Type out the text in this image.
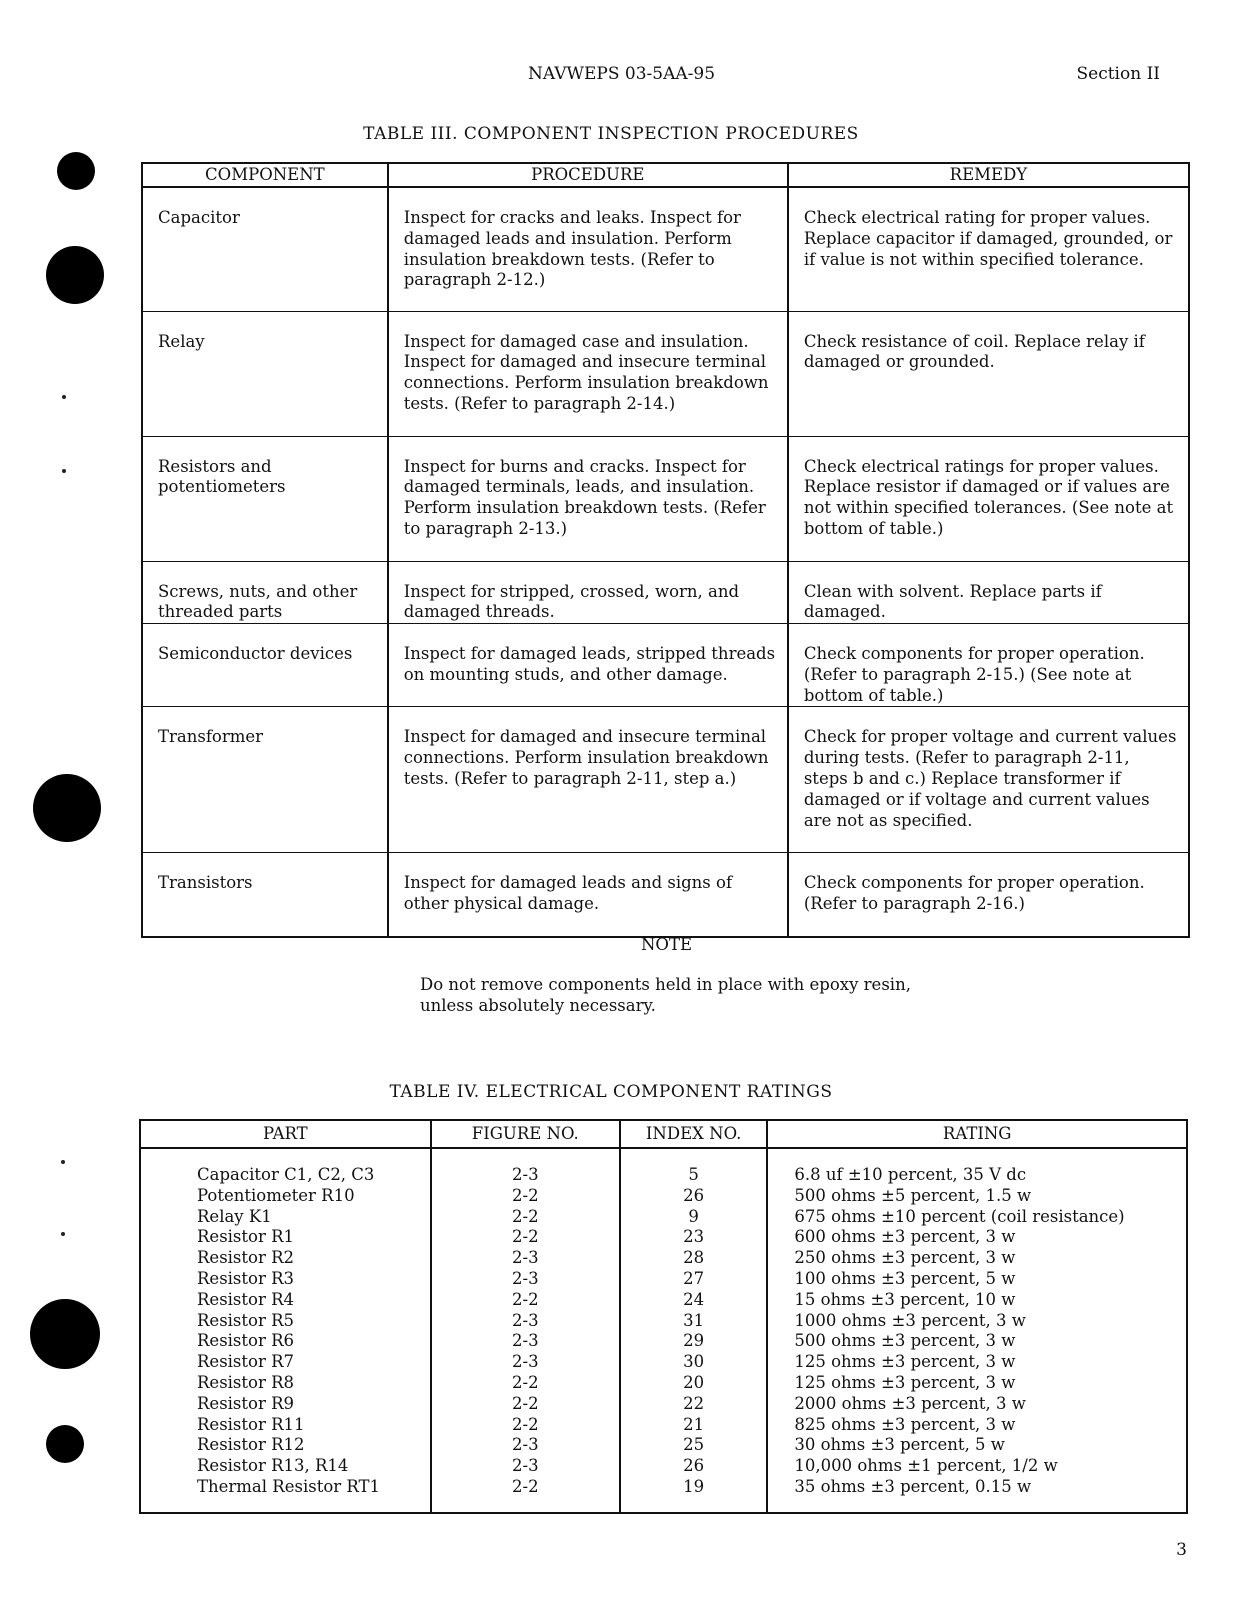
NAVWEPS 03-5AA-95	Section II
TABLE III. COMPONENT INSPECTION PROCEDURES
COMPONENT	PROCEDURE	REMEDY
Capacitor	Inspect for cracks and leaks. Inspect for damaged leads and insulation. Perform insulation breakdown tests. (Refer to paragraph 2-12.)	Check electrical rating for proper values. Replace capacitor if damaged, grounded, or if value is not within specified tolerance.
Relay	Inspect for damaged case and insulation. Inspect for damaged and insecure terminal connections. Perform insulation breakdown tests. (Refer to paragraph 2-14.)	Check resistance of coil. Replace relay if damaged or grounded.
Resistors and potentiometers	Inspect for burns and cracks. Inspect for damaged terminals, leads, and insulation. Perform insulation breakdown tests. (Refer to paragraph 2-13.)	Check electrical ratings for proper values. Replace resistor if damaged or if values are not within specified tolerances. (See note at bottom of table.)
Screws, nuts, and other threaded parts	Inspect for stripped, crossed, worn, and damaged threads.	Clean with solvent. Replace parts if damaged.
Semiconductor devices	Inspect for damaged leads, stripped threads on mounting studs, and other damage.	Check components for proper operation. (Refer to paragraph 2-15.) (See note at bottom of table.)
Transformer	Inspect for damaged and insecure terminal connections. Perform insulation breakdown tests. (Refer to paragraph 2-11, step a.)	Check for proper voltage and current values during tests. (Refer to paragraph 2-11, steps b and c.) Replace transformer if damaged or if voltage and current values are not as specified.
Transistors	Inspect for damaged leads and signs of other physical damage.	Check components for proper operation. (Refer to paragraph 2-16.)
NOTE
Do not remove components held in place with epoxy resin, unless absolutely necessary.
TABLE IV. ELECTRICAL COMPONENT RATINGS
PART	FIGURE NO.	INDEX NO.	RATING
Capacitor C1, C2, C3	2-3	5	6.8 uf ±10 percent, 35 V dc
Potentiometer R10	2-2	26	500 ohms ±5 percent, 1.5 w
Relay K1	2-2	9	675 ohms ±10 percent (coil resistance)
Resistor R1	2-2	23	600 ohms ±3 percent, 3 w
Resistor R2	2-3	28	250 ohms ±3 percent, 3 w
Resistor R3	2-3	27	100 ohms ±3 percent, 5 w
Resistor R4	2-2	24	15 ohms ±3 percent, 10 w
Resistor R5	2-3	31	1000 ohms ±3 percent, 3 w
Resistor R6	2-3	29	500 ohms ±3 percent, 3 w
Resistor R7	2-3	30	125 ohms ±3 percent, 3 w
Resistor R8	2-2	20	125 ohms ±3 percent, 3 w
Resistor R9	2-2	22	2000 ohms ±3 percent, 3 w
Resistor R11	2-2	21	825 ohms ±3 percent, 3 w
Resistor R12	2-3	25	30 ohms ±3 percent, 5 w
Resistor R13, R14	2-3	26	10,000 ohms ±1 percent, 1/2 w
Thermal Resistor RT1	2-2	19	35 ohms ±3 percent, 0.15 w
3
